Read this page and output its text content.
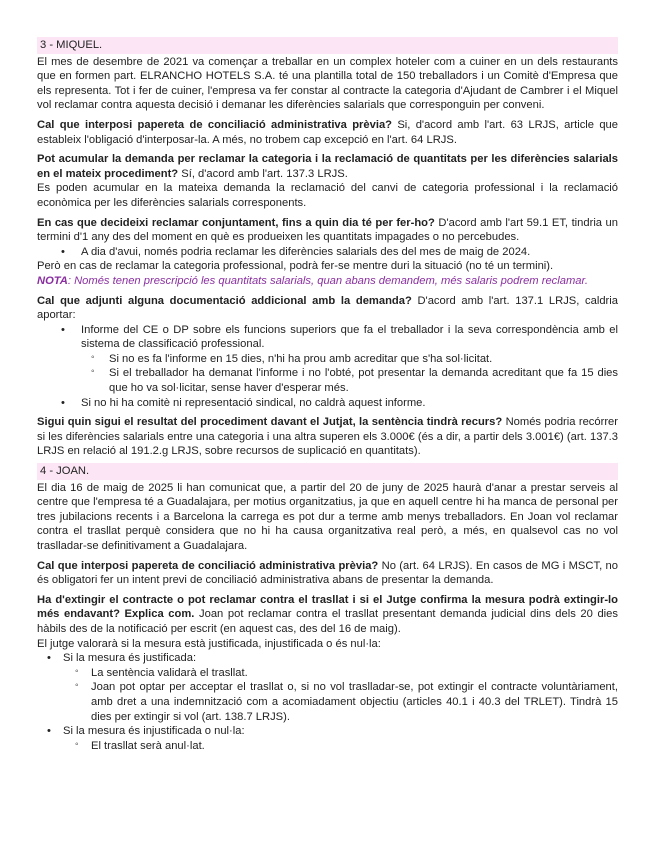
3 - MIQUEL.

El mes de desembre de 2021 va començar a treballar en un complex hoteler com a cuiner en un dels restaurants que en formen part. ELRANCHO HOTELS S.A. té una plantilla total de 150 treballadors i un Comitè d'Empresa que els representa. Tot i fer de cuiner, l'empresa va fer constar al contracte la categoria d'Ajudant de Cambrer i el Miquel vol reclamar contra aquesta decisió i demanar les diferències salarials que corresponguin per conveni.

Cal que interposi papereta de conciliació administrativa prèvia? Si, d'acord amb l'art. 63 LRJS, article que estableix l'obligació d'interposar-la. A més, no trobem cap excepció en l'art. 64 LRJS.

Pot acumular la demanda per reclamar la categoria i la reclamació de quantitats per les diferències salarials en el mateix procediment? Sí, d'acord amb l'art. 137.3 LRJS.

Es poden acumular en la mateixa demanda la reclamació del canvi de categoria professional i la reclamació econòmica per les diferències salarials corresponents.

En cas que decideixi reclamar conjuntament, fins a quin dia té per fer-ho? D'acord amb l'art 59.1 ET, tindria un termini d'1 any des del moment en què es produeixen les quantitats impagades o no percebudes.

• A dia d'avui, només podria reclamar les diferències salarials des del mes de maig de 2024.

Però en cas de reclamar la categoria professional, podrà fer-se mentre duri la situació (no té un termini).

NOTA: Només tenen prescripció les quantitats salarials, quan abans demandem, més salaris podrem reclamar.

Cal que adjunti alguna documentació addicional amb la demanda? D'acord amb l'art. 137.1 LRJS, caldria aportar:

• Informe del CE o DP sobre els funcions superiors que fa el treballador i la seva correspondència amb el sistema de classificació professional.
◦ Si no es fa l'informe en 15 dies, n'hi ha prou amb acreditar que s'ha sol·licitat.
◦ Si el treballador ha demanat l'informe i no l'obté, pot presentar la demanda acreditant que fa 15 dies que ho va sol·licitar, sense haver d'esperar més.
• Si no hi ha comitè ni representació sindical, no caldrà aquest informe.

Sigui quin sigui el resultat del procediment davant el Jutjat, la sentència tindrà recurs? Només podria recórrer si les diferències salarials entre una categoria i una altra superen els 3.000€ (és a dir, a partir dels 3.001€) (art. 137.3 LRJS en relació al 191.2.g LRJS, sobre recursos de suplicació en quantitats).

4 - JOAN.

El dia 16 de maig de 2025 li han comunicat que, a partir del 20 de juny de 2025 haurà d'anar a prestar serveis al centre que l'empresa té a Guadalajara, per motius organitzatius, ja que en aquell centre hi ha manca de personal per tres jubilacions recents i a Barcelona la carrega es pot dur a terme amb menys treballadors. En Joan vol reclamar contra el trasllat perquè considera que no hi ha causa organitzativa real però, a més, en qualsevol cas no vol traslladar-se definitivament a Guadalajara.

Cal que interposi papereta de conciliació administrativa prèvia? No (art. 64 LRJS). En casos de MG i MSCT, no és obligatori fer un intent previ de conciliació administrativa abans de presentar la demanda.

Ha d'extingir el contracte o pot reclamar contra el trasllat i si el Jutge confirma la mesura podrà extingir-lo més endavant? Explica com. Joan pot reclamar contra el trasllat presentant demanda judicial dins dels 20 dies hàbils des de la notificació per escrit (en aquest cas, des del 16 de maig).

El jutge valorarà si la mesura està justificada, injustificada o és nul·la:

• Si la mesura és justificada:
◦ La sentència validarà el trasllat.
◦ Joan pot optar per acceptar el trasllat o, si no vol traslladar-se, pot extingir el contracte voluntàriament, amb dret a una indemnització com a acomiadament objectiu (articles 40.1 i 40.3 del TRLET). Tindrà 15 dies per extingir si vol (art. 138.7 LRJS).
• Si la mesura és injustificada o nul·la:
◦ El trasllat serà anul·lat.
